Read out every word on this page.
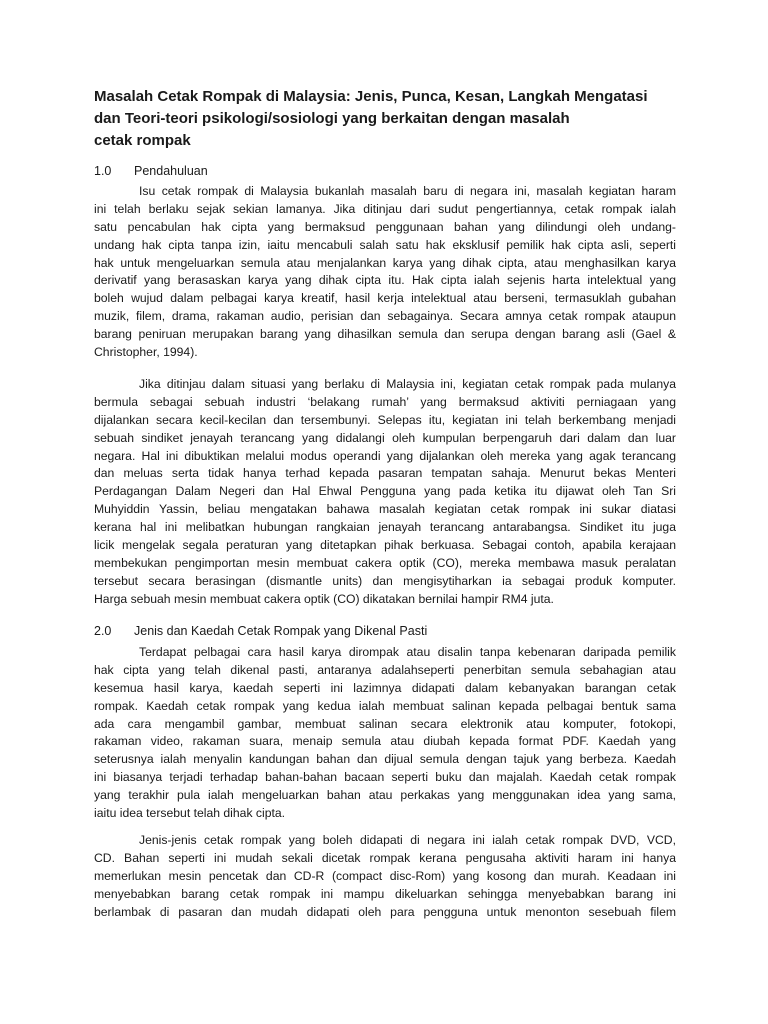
Masalah Cetak Rompak di Malaysia: Jenis, Punca, Kesan, Langkah Mengatasi
dan Teori-teori psikologi/sosiologi yang berkaitan dengan masalah
cetak rompak
1.0 Pendahuluan
Isu cetak rompak di Malaysia bukanlah masalah baru di negara ini, masalah kegiatan haram
ini telah berlaku sejak sekian lamanya. Jika ditinjau dari sudut pengertiannya, cetak rompak ialah
satu pencabulan hak cipta yang bermaksud penggunaan bahan yang dilindungi oleh undang-
undang hak cipta tanpa izin, iaitu mencabuli salah satu hak eksklusif pemilik hak cipta asli, seperti
hak untuk mengeluarkan semula atau menjalankan karya yang dihak cipta, atau menghasilkan karya
derivatif yang berasaskan karya yang dihak cipta itu. Hak cipta ialah sejenis harta intelektual yang
boleh wujud dalam pelbagai karya kreatif, hasil kerja intelektual atau berseni, termasuklah gubahan
muzik, filem, drama, rakaman audio, perisian dan sebagainya. Secara amnya cetak rompak ataupun
barang peniruan merupakan barang yang dihasilkan semula dan serupa dengan barang asli (Gael &
Christopher, 1994).
Jika ditinjau dalam situasi yang berlaku di Malaysia ini, kegiatan cetak rompak pada mulanya
bermula sebagai sebuah industri ‘belakang rumah’ yang bermaksud aktiviti perniagaan yang
dijalankan secara kecil-kecilan dan tersembunyi. Selepas itu, kegiatan ini telah berkembang menjadi
sebuah sindiket jenayah terancang yang didalangi oleh kumpulan berpengaruh dari dalam dan luar
negara. Hal ini dibuktikan melalui modus operandi yang dijalankan oleh mereka yang agak terancang
dan meluas serta tidak hanya terhad kepada pasaran tempatan sahaja. Menurut bekas Menteri
Perdagangan Dalam Negeri dan Hal Ehwal Pengguna yang pada ketika itu dijawat oleh Tan Sri
Muhyiddin Yassin, beliau mengatakan bahawa masalah kegiatan cetak rompak ini sukar diatasi
kerana hal ini melibatkan hubungan rangkaian jenayah terancang antarabangsa. Sindiket itu juga
licik mengelak segala peraturan yang ditetapkan pihak berkuasa. Sebagai contoh, apabila kerajaan
membekukan pengimportan mesin membuat cakera optik (CO), mereka membawa masuk peralatan
tersebut secara berasingan (dismantle units) dan mengisytiharkan ia sebagai produk komputer.
Harga sebuah mesin membuat cakera optik (CO) dikatakan bernilai hampir RM4 juta.
2.0 Jenis dan Kaedah Cetak Rompak yang Dikenal Pasti
Terdapat pelbagai cara hasil karya dirompak atau disalin tanpa kebenaran daripada pemilik
hak cipta yang telah dikenal pasti, antaranya adalahseperti penerbitan semula sebahagian atau
kesemua hasil karya, kaedah seperti ini lazimnya didapati dalam kebanyakan barangan cetak
rompak. Kaedah cetak rompak yang kedua ialah membuat salinan kepada pelbagai bentuk sama
ada cara mengambil gambar, membuat salinan secara elektronik atau komputer, fotokopi,
rakaman video, rakaman suara, menaip semula atau diubah kepada format PDF. Kaedah yang
seterusnya ialah menyalin kandungan bahan dan dijual semula dengan tajuk yang berbeza. Kaedah
ini biasanya terjadi terhadap bahan-bahan bacaan seperti buku dan majalah. Kaedah cetak rompak
yang terakhir pula ialah mengeluarkan bahan atau perkakas yang menggunakan idea yang sama,
iaitu idea tersebut telah dihak cipta.
Jenis-jenis cetak rompak yang boleh didapati di negara ini ialah cetak rompak DVD, VCD,
CD. Bahan seperti ini mudah sekali dicetak rompak kerana pengusaha aktiviti haram ini hanya
memerlukan mesin pencetak dan CD-R (compact disc-Rom) yang kosong dan murah. Keadaan ini
menyebabkan barang cetak rompak ini mampu dikeluarkan sehingga menyebabkan barang ini
berlambak di pasaran dan mudah didapati oleh para pengguna untuk menonton sesebuah filem
